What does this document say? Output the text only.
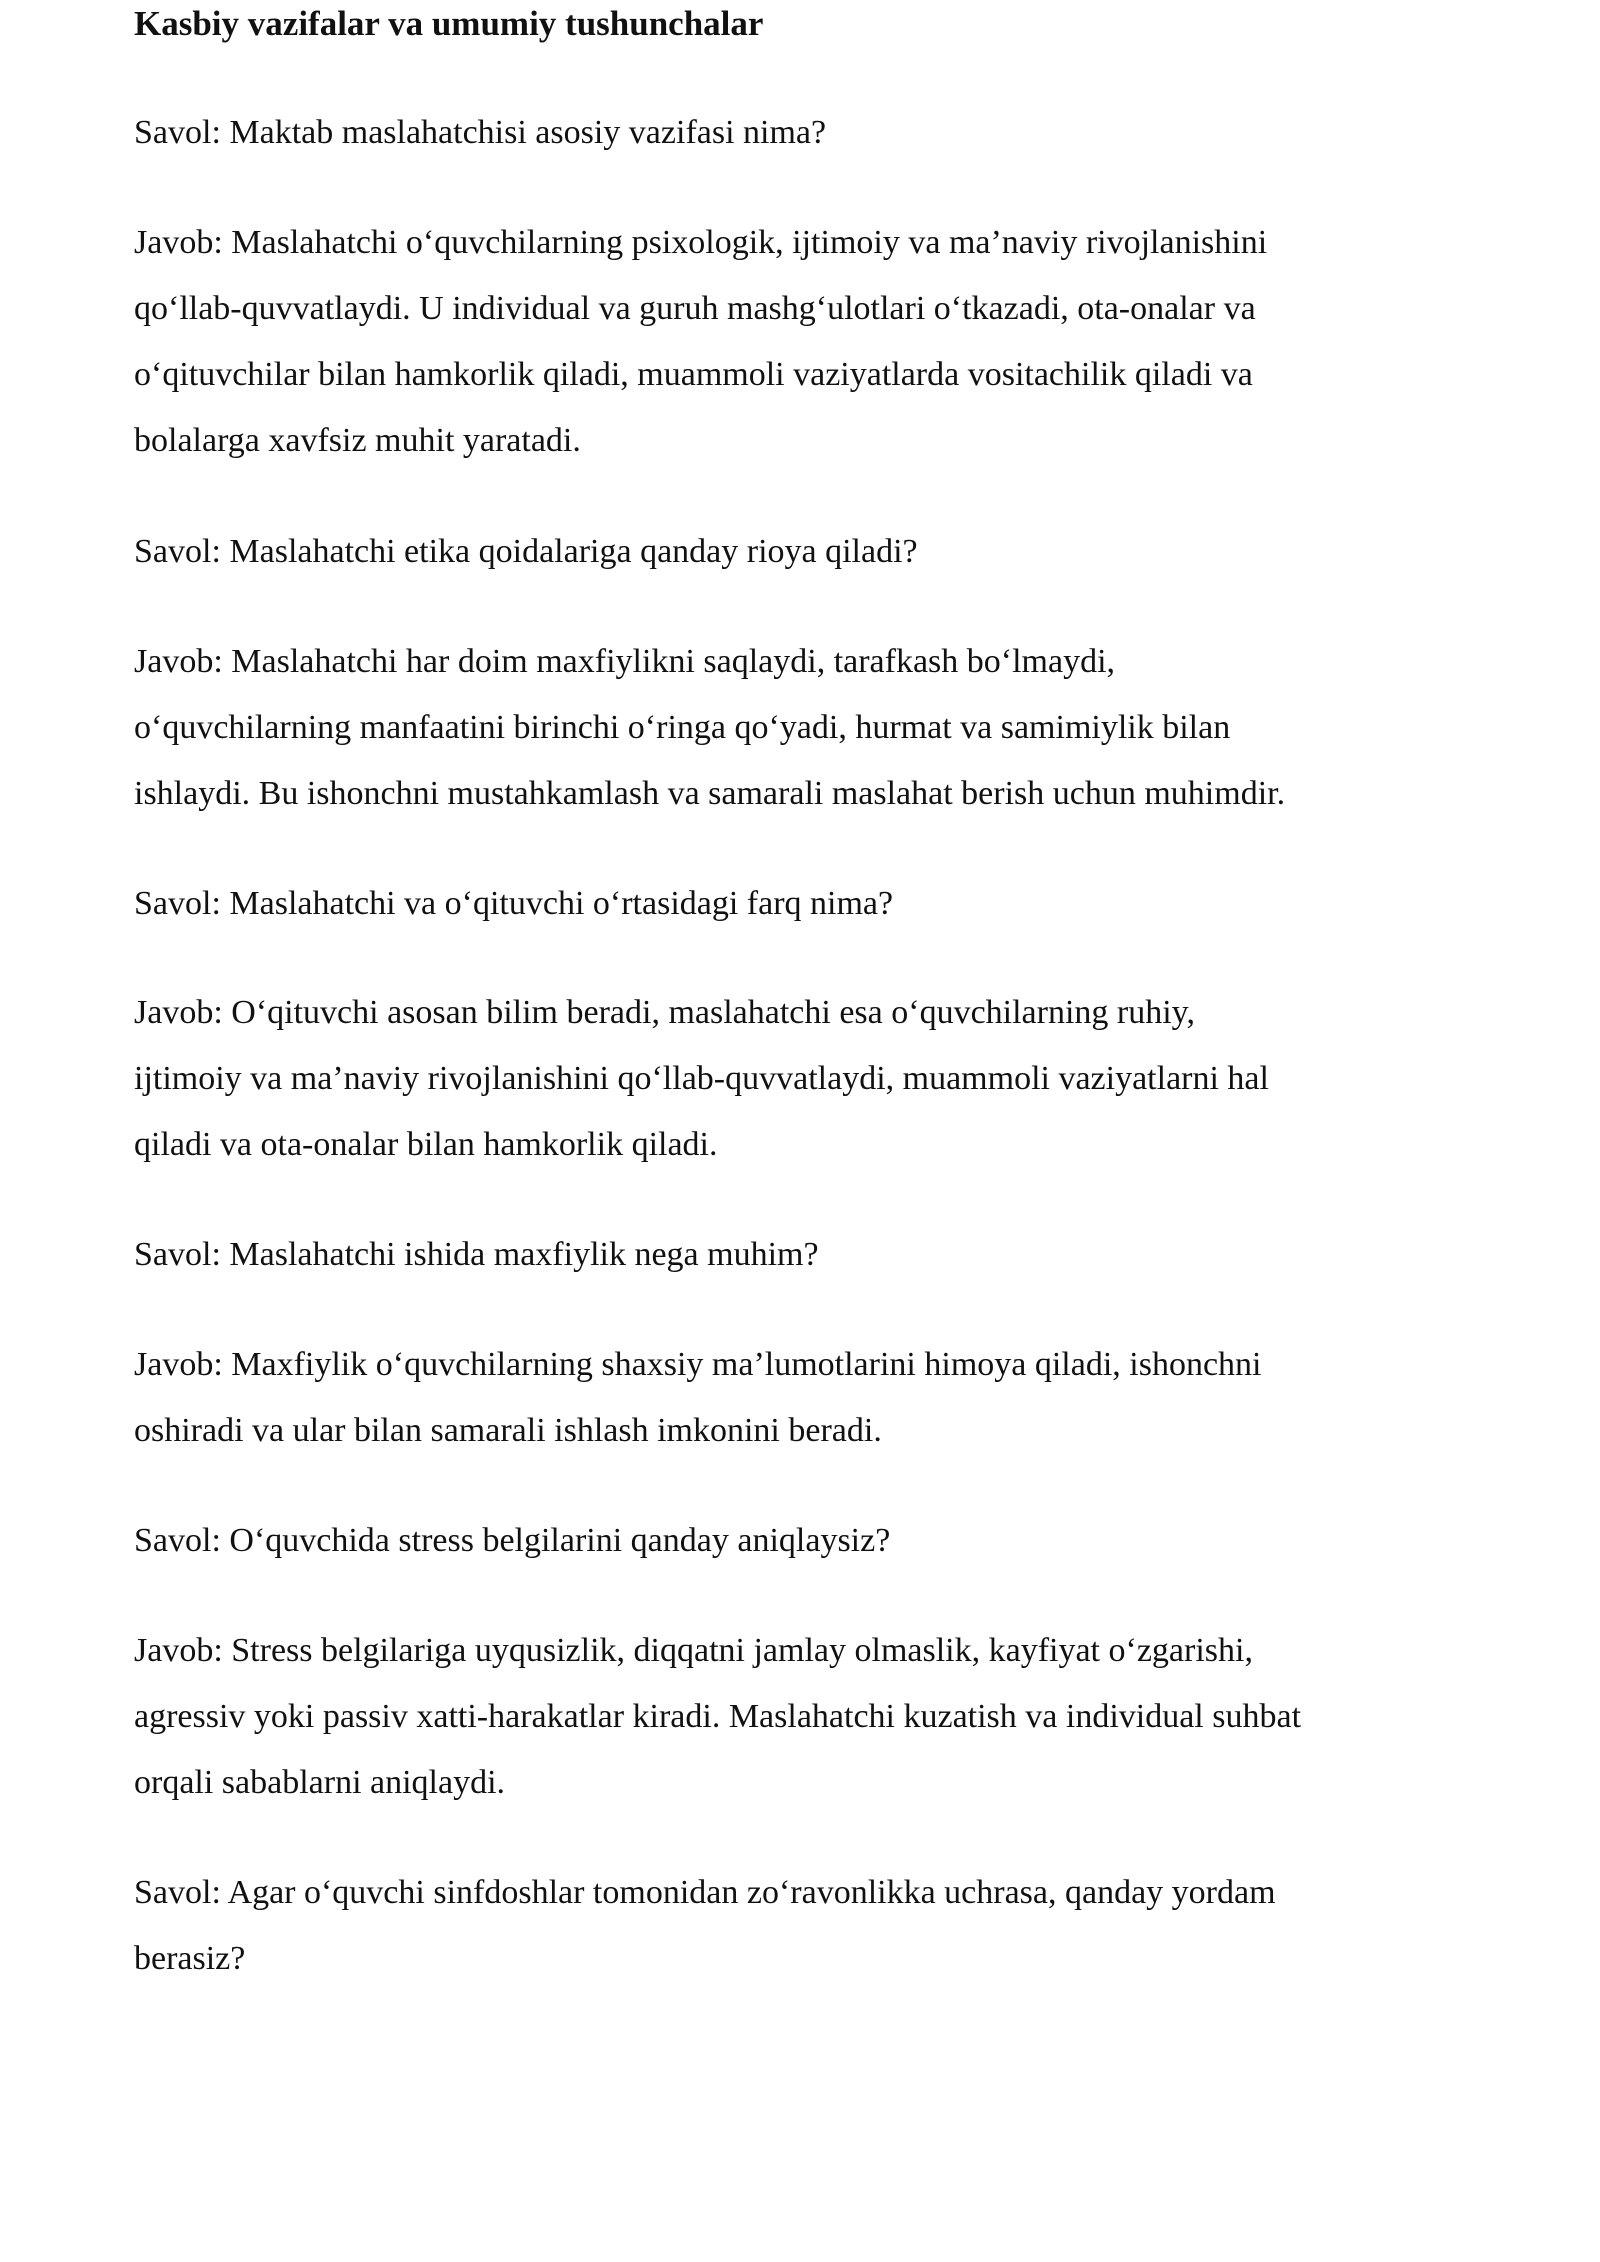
Kasbiy vazifalar va umumiy tushunchalar

Savol: Maktab maslahatchisi asosiy vazifasi nima?

Javob: Maslahatchi o‘quvchilarning psixologik, ijtimoiy va ma’naviy rivojlanishini
qo‘llab-quvvatlaydi. U individual va guruh mashg‘ulotlari o‘tkazadi, ota-onalar va
o‘qituvchilar bilan hamkorlik qiladi, muammoli vaziyatlarda vositachilik qiladi va
bolalarga xavfsiz muhit yaratadi.

Savol: Maslahatchi etika qoidalariga qanday rioya qiladi?

Javob: Maslahatchi har doim maxfiylikni saqlaydi, tarafkash bo‘lmaydi,
o‘quvchilarning manfaatini birinchi o‘ringa qo‘yadi, hurmat va samimiylik bilan
ishlaydi. Bu ishonchni mustahkamlash va samarali maslahat berish uchun muhimdir.

Savol: Maslahatchi va o‘qituvchi o‘rtasidagi farq nima?

Javob: O‘qituvchi asosan bilim beradi, maslahatchi esa o‘quvchilarning ruhiy,
ijtimoiy va ma’naviy rivojlanishini qo‘llab-quvvatlaydi, muammoli vaziyatlarni hal
qiladi va ota-onalar bilan hamkorlik qiladi.

Savol: Maslahatchi ishida maxfiylik nega muhim?

Javob: Maxfiylik o‘quvchilarning shaxsiy ma’lumotlarini himoya qiladi, ishonchni
oshiradi va ular bilan samarali ishlash imkonini beradi.

Savol: O‘quvchida stress belgilarini qanday aniqlaysiz?

Javob: Stress belgilariga uyqusizlik, diqqatni jamlay olmaslik, kayfiyat o‘zgarishi,
agressiv yoki passiv xatti-harakatlar kiradi. Maslahatchi kuzatish va individual suhbat
orqali sabablarni aniqlaydi.

Savol: Agar o‘quvchi sinfdoshlar tomonidan zo‘ravonlikka uchrasa, qanday yordam
berasiz?
